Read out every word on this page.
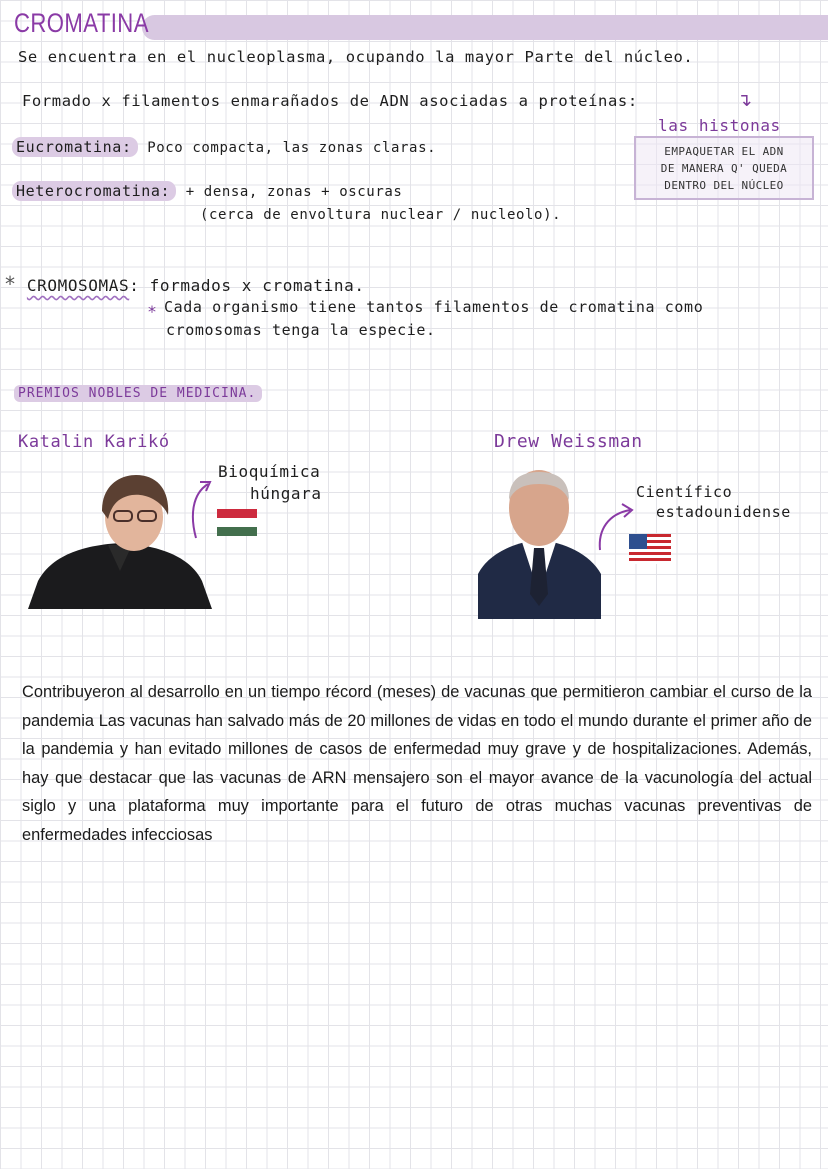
CROMATINA
Se encuentra en el nucleoplasma, ocupando la mayor Parte del núcleo.
Formado x filamentos enmarañados de ADN asociadas a proteínas:	↴
las histonas
Eucromatina: Poco compacta, las zonas claras.	EMPAQUETAR EL ADN
DE MANERA Q' QUEDA
DENTRO DEL NÚCLEO
Heterocromatina: + densa, zonas + oscuras
(cerca de envoltura nuclear / nucleolo).
* CROMOSOMAS: formados x cromatina.
* Cada organismo tiene tantos filamentos de cromatina como
cromosomas tenga la especie.
PREMIOS NOBLES DE MEDICINA.
Katalin Karikó
Bioquímica
húngara
Drew Weissman
Científico
estadounidense
Contribuyeron al desarrollo en un tiempo récord (meses) de vacunas que permitieron cambiar el curso de la pandemia Las vacunas han salvado más de 20 millones de vidas en todo el mundo durante el primer año de la pandemia y han evitado millones de casos de enfermedad muy grave y de hospitalizaciones. Además, hay que destacar que las vacunas de ARN mensajero son el mayor avance de la vacunología del actual siglo y una plataforma muy importante para el futuro de otras muchas vacunas preventivas de enfermedades infecciosas
